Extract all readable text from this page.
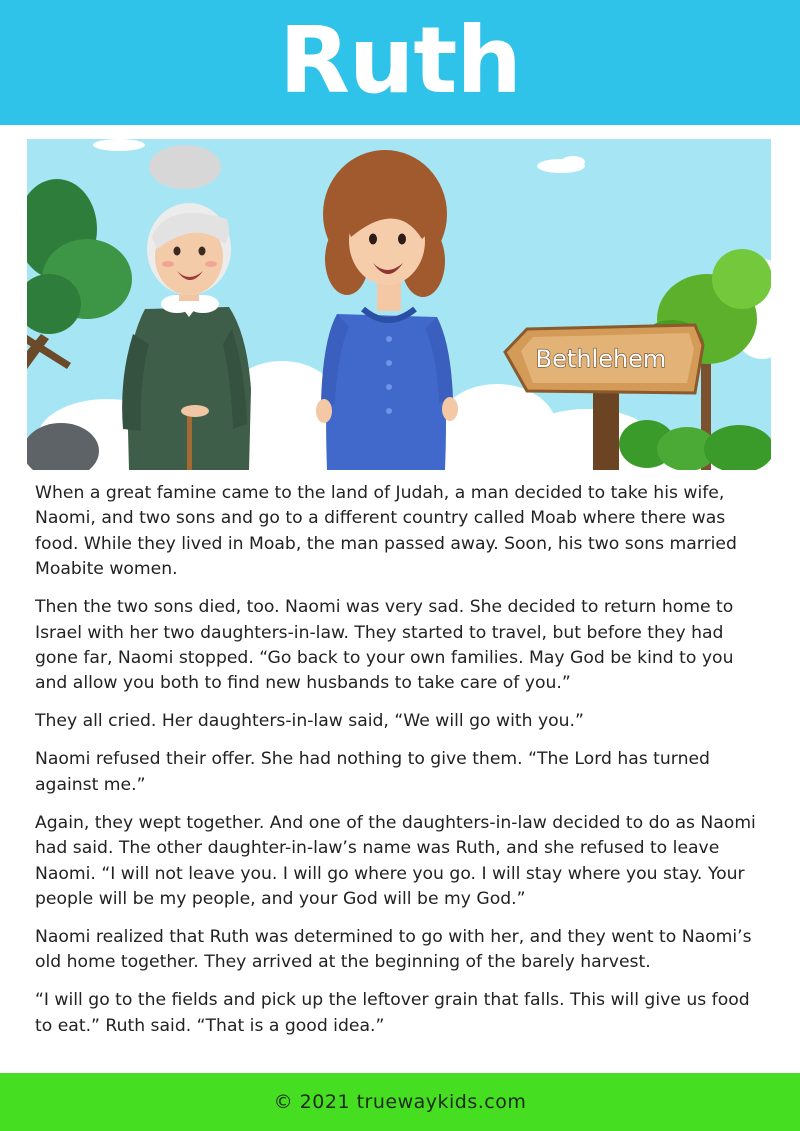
Ruth
Bethlehem

When a great famine came to the land of Judah, a man decided to take his wife, Naomi, and two sons and go to a different country called Moab where there was food. While they lived in Moab, the man passed away. Soon, his two sons married Moabite women.

Then the two sons died, too. Naomi was very sad. She decided to return home to Israel with her two daughters-in-law. They started to travel, but before they had gone far, Naomi stopped. “Go back to your own families. May God be kind to you and allow you both to find new husbands to take care of you.”

They all cried. Her daughters-in-law said, “We will go with you.”

Naomi refused their offer. She had nothing to give them. “The Lord has turned against me.”

Again, they wept together. And one of the daughters-in-law decided to do as Naomi had said. The other daughter-in-law’s name was Ruth, and she refused to leave Naomi. “I will not leave you. I will go where you go. I will stay where you stay. Your people will be my people, and your God will be my God.”

Naomi realized that Ruth was determined to go with her, and they went to Naomi’s old home together. They arrived at the beginning of the barely harvest.

“I will go to the fields and pick up the leftover grain that falls. This will give us food to eat.” Ruth said. “That is a good idea.”

© 2021 truewaykids.com
